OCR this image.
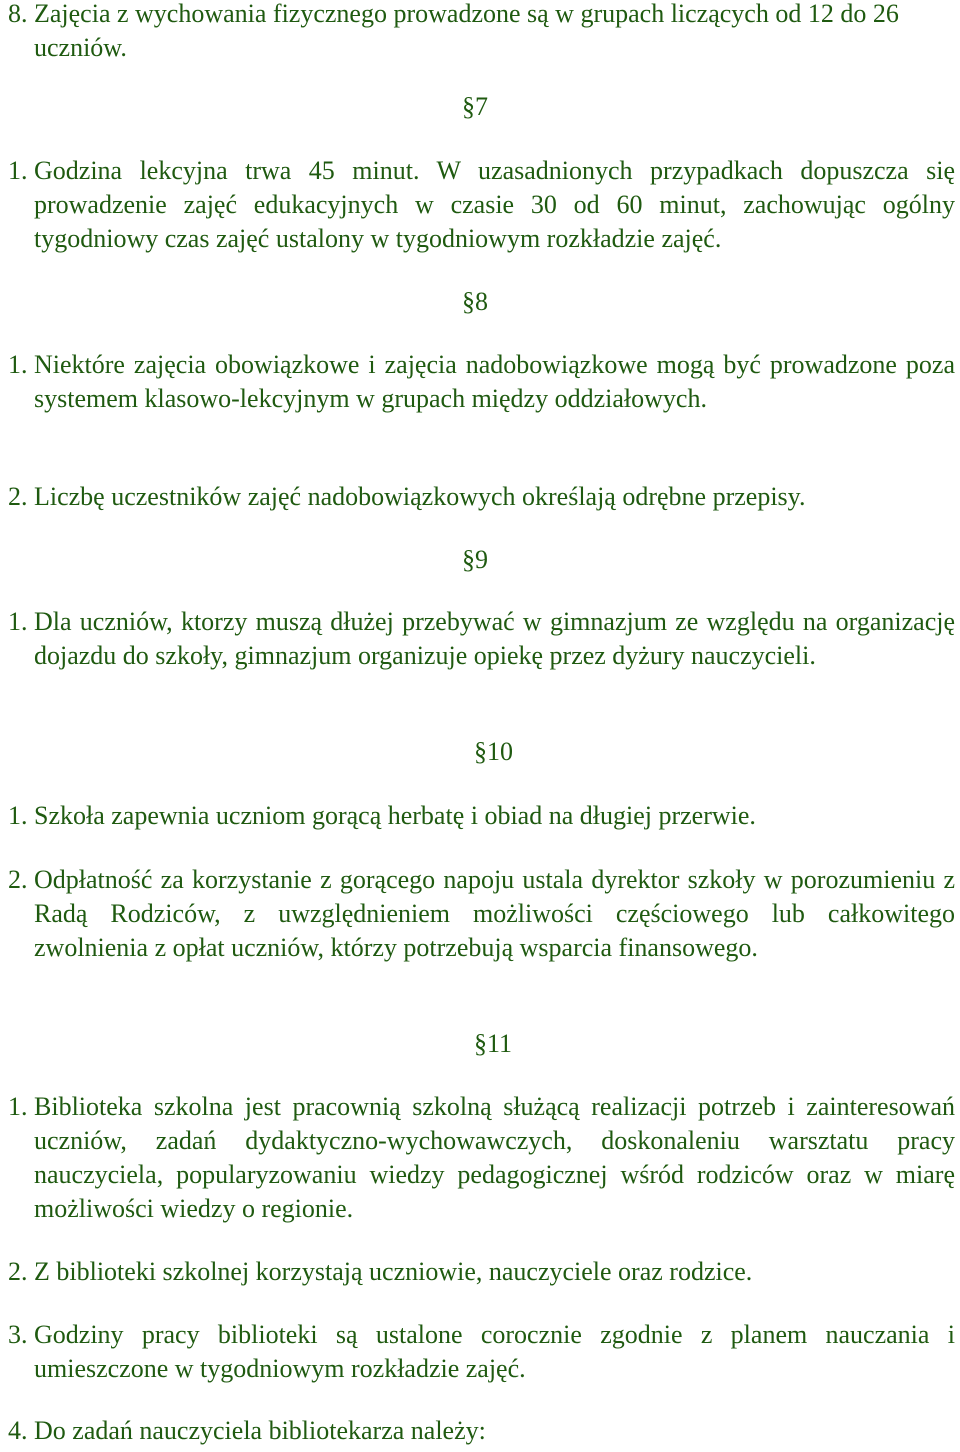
8. Zajęcia z wychowania fizycznego prowadzone są w grupach liczących od 12 do 26 uczniów.
§7
1. Godzina lekcyjna trwa 45 minut. W uzasadnionych przypadkach dopuszcza się prowadzenie zajęć edukacyjnych w czasie 30 od 60 minut, zachowując ogólny tygodniowy czas zajęć ustalony w tygodniowym rozkładzie zajęć.
§8
1. Niektóre zajęcia obowiązkowe i zajęcia nadobowiązkowe mogą być prowadzone poza systemem klasowo-lekcyjnym w grupach między oddziałowych.
2. Liczbę uczestników zajęć nadobowiązkowych określają odrębne przepisy.
§9
1. Dla uczniów, ktorzy muszą dłużej przebywać w gimnazjum ze względu na organizację dojazdu do szkoły, gimnazjum organizuje opiekę przez dyżury nauczycieli.
§10
1. Szkoła zapewnia uczniom gorącą herbatę i obiad na długiej przerwie.
2. Odpłatność za korzystanie z gorącego napoju ustala dyrektor szkoły w porozumieniu z Radą Rodziców, z uwzględnieniem możliwości częściowego lub całkowitego zwolnienia z opłat uczniów, którzy potrzebują wsparcia finansowego.
§11
1. Biblioteka szkolna jest pracownią szkolną służącą realizacji potrzeb i zainteresowań uczniów, zadań dydaktyczno-wychowawczych, doskonaleniu warsztatu pracy nauczyciela, popularyzowaniu wiedzy pedagogicznej wśród rodziców oraz w miarę możliwości wiedzy o regionie.
2. Z biblioteki szkolnej korzystają uczniowie, nauczyciele oraz rodzice.
3. Godziny pracy biblioteki są ustalone corocznie zgodnie z planem nauczania i umieszczone w tygodniowym rozkładzie zajęć.
4. Do zadań nauczyciela bibliotekarza należy:
